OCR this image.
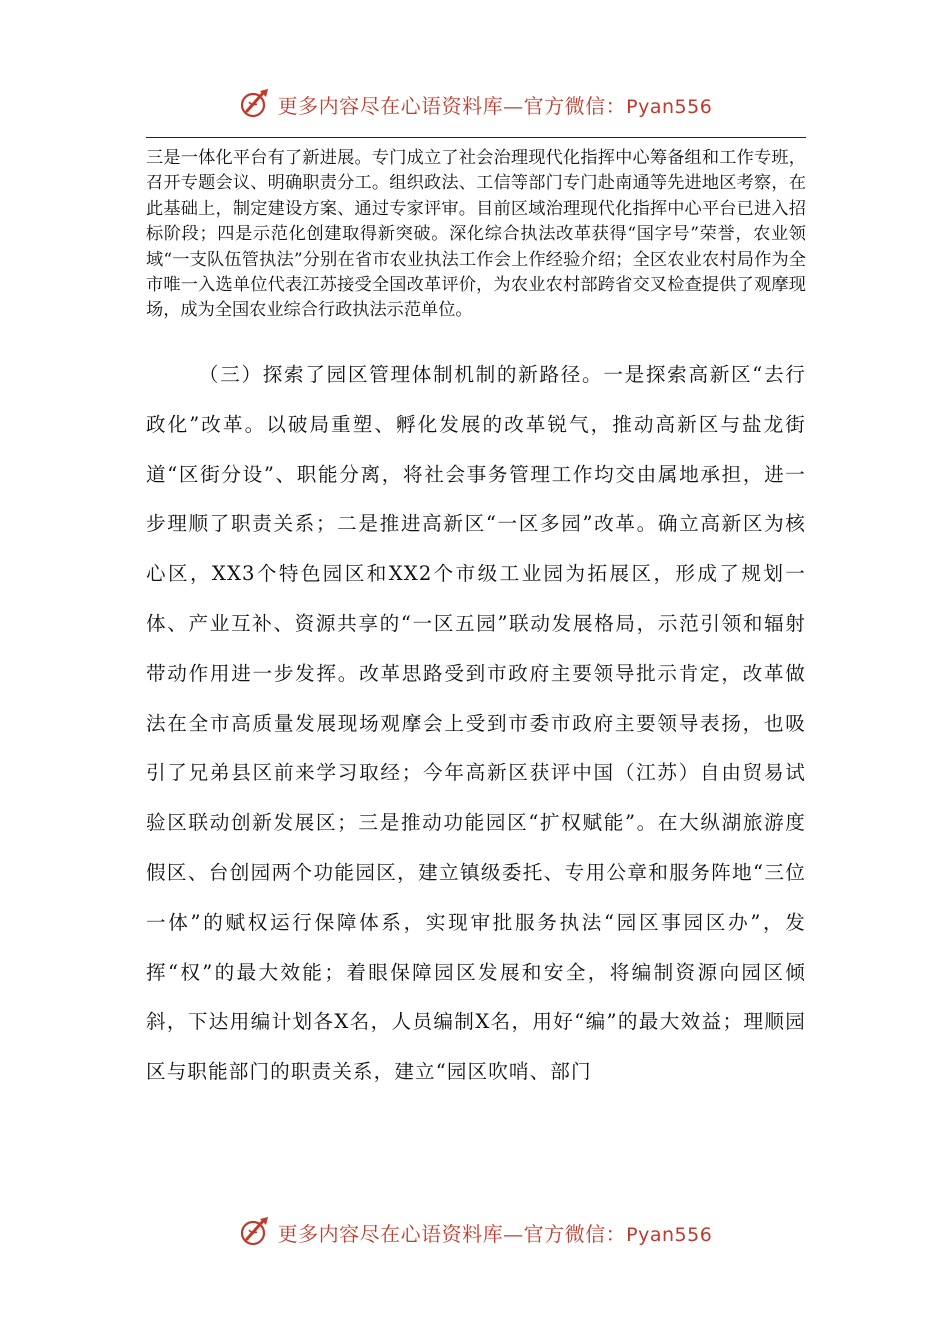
更多内容尽在心语资料库—官方微信：Pyan556

三是一体化平台有了新进展。专门成立了社会治理现代化指挥中心筹备组和工作专班，召开专题会议、明确职责分工。组织政法、工信等部门专门赴南通等先进地区考察，在此基础上，制定建设方案、通过专家评审。目前区域治理现代化指挥中心平台已进入招标阶段；四是示范化创建取得新突破。深化综合执法改革获得“国字号”荣誉，农业领域“一支队伍管执法”分别在省市农业执法工作会上作经验介绍；全区农业农村局作为全市唯一入选单位代表江苏接受全国改革评价，为农业农村部跨省交叉检查提供了观摩现场，成为全国农业综合行政执法示范单位。

（三）探索了园区管理体制机制的新路径。一是探索高新区“去行政化”改革。以破局重塑、孵化发展的改革锐气，推动高新区与盐龙街道“区街分设”、职能分离，将社会事务管理工作均交由属地承担，进一步理顺了职责关系；二是推进高新区“一区多园”改革。确立高新区为核心区，XX3个特色园区和XX2个市级工业园为拓展区，形成了规划一体、产业互补、资源共享的“一区五园”联动发展格局，示范引领和辐射带动作用进一步发挥。改革思路受到市政府主要领导批示肯定，改革做法在全市高质量发展现场观摩会上受到市委市政府主要领导表扬，也吸引了兄弟县区前来学习取经；今年高新区获评中国（江苏）自由贸易试验区联动创新发展区；三是推动功能园区“扩权赋能”。在大纵湖旅游度假区、台创园两个功能园区，建立镇级委托、专用公章和服务阵地“三位一体”的赋权运行保障体系，实现审批服务执法“园区事园区办”，发挥“权”的最大效能；着眼保障园区发展和安全，将编制资源向园区倾斜，下达用编计划各X名，人员编制X名，用好“编”的最大效益；理顺园区与职能部门的职责关系，建立“园区吹哨、部门

更多内容尽在心语资料库—官方微信：Pyan556
